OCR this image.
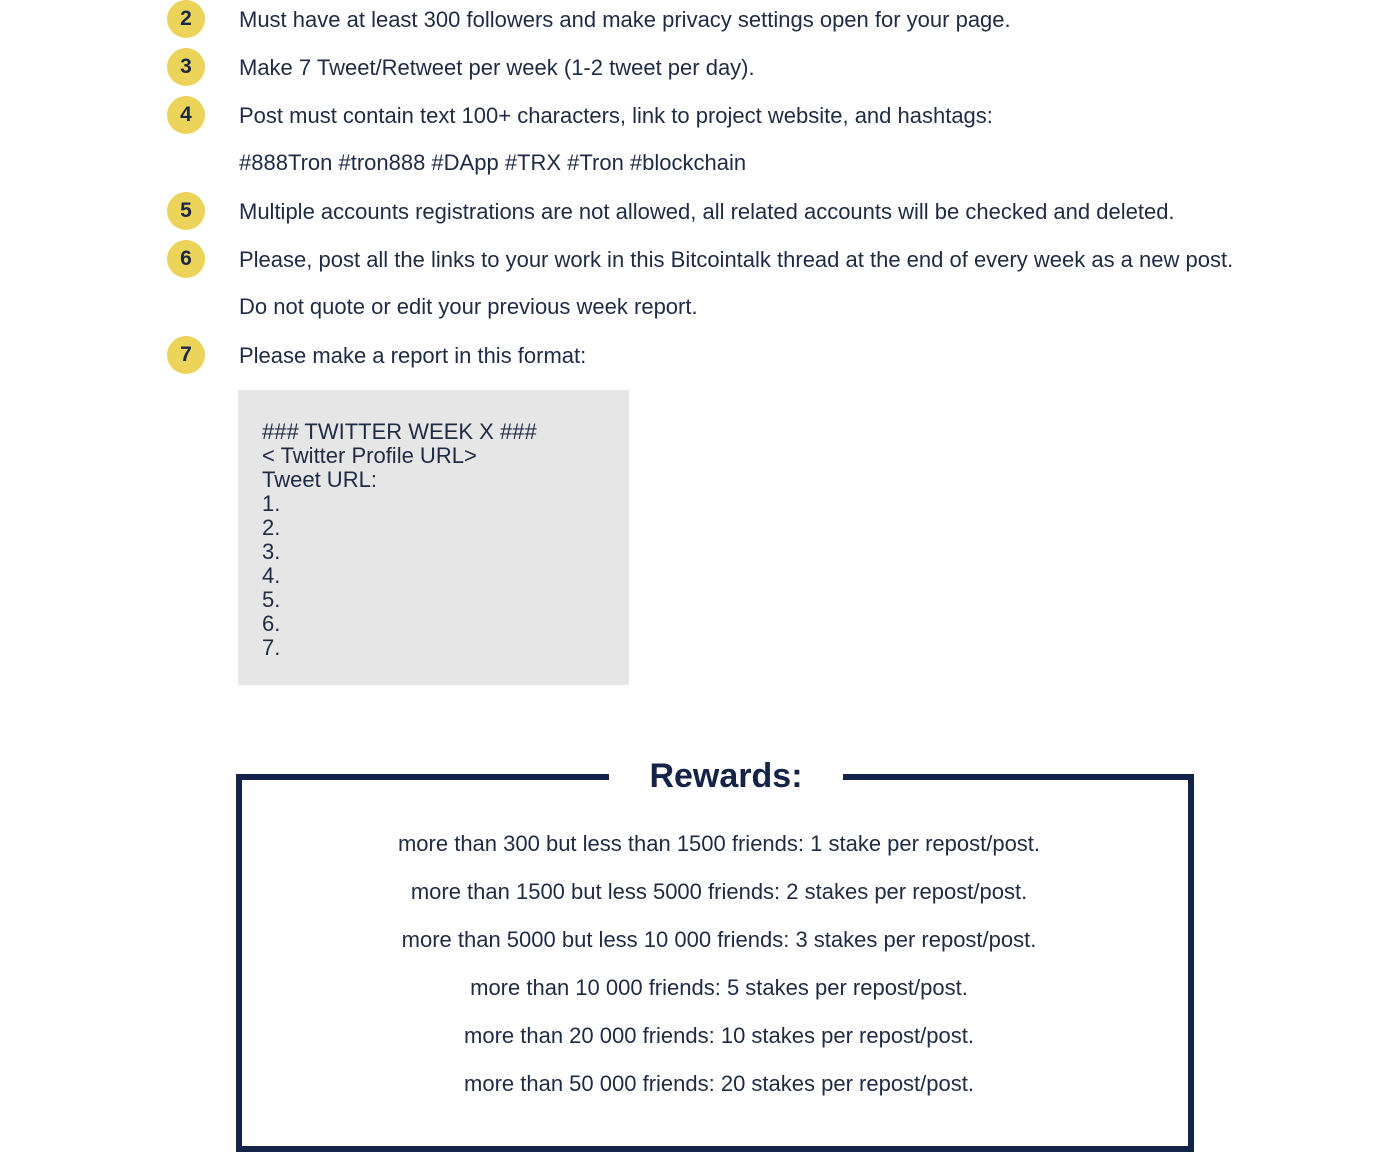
2	Must have at least 300 followers and make privacy settings open for your page.
3	Make 7 Tweet/Retweet per week (1-2 tweet per day).
4	Post must contain text 100+ characters, link to project website, and hashtags:
#888Tron #tron888 #DApp #TRX #Tron #blockchain
5	Multiple accounts registrations are not allowed, all related accounts will be checked and deleted.
6	Please, post all the links to your work in this Bitcointalk thread at the end of every week as a new post.
Do not quote or edit your previous week report.
7	Please make a report in this format:
### TWITTER WEEK X ###
< Twitter Profile URL>
Tweet URL:
1.
2.
3.
4.
5.
6.
7.
Rewards:
more than 300 but less than 1500 friends: 1 stake per repost/post.
more than 1500 but less 5000 friends: 2 stakes per repost/post.
more than 5000 but less 10 000 friends: 3 stakes per repost/post.
more than 10 000 friends: 5 stakes per repost/post.
more than 20 000 friends: 10 stakes per repost/post.
more than 50 000 friends: 20 stakes per repost/post.
